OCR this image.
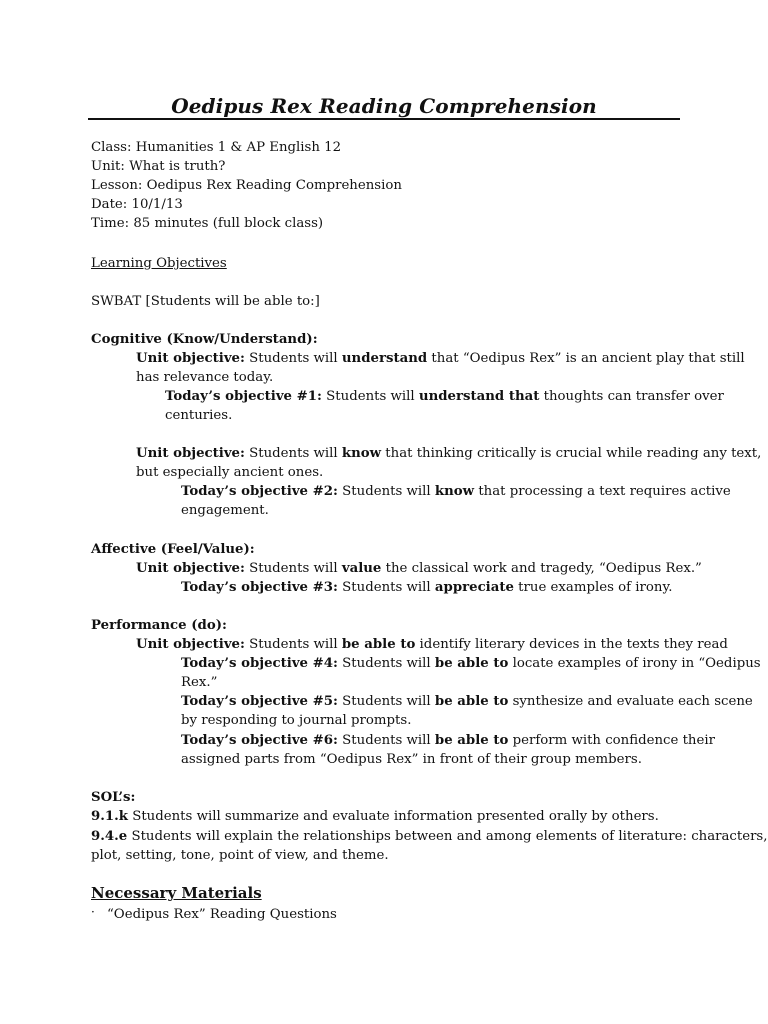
Oedipus Rex Reading Comprehension
Class: Humanities 1 & AP English 12
Unit: What is truth?
Lesson: Oedipus Rex Reading Comprehension
Date: 10/1/13
Time: 85 minutes (full block class)
Learning Objectives
SWBAT [Students will be able to:]
Cognitive (Know/Understand):
Unit objective: Students will understand that “Oedipus Rex” is an ancient play that still
has relevance today.
Today’s objective #1: Students will understand that thoughts can transfer over
centuries.
Unit objective: Students will know that thinking critically is crucial while reading any text,
but especially ancient ones.
Today’s objective #2: Students will know that processing a text requires active
engagement.
Affective (Feel/Value):
Unit objective: Students will value the classical work and tragedy, “Oedipus Rex.”
Today’s objective #3: Students will appreciate true examples of irony.
Performance (do):
Unit objective: Students will be able to identify literary devices in the texts they read
Today’s objective #4: Students will be able to locate examples of irony in “Oedipus
Rex.”
Today’s objective #5: Students will be able to synthesize and evaluate each scene
by responding to journal prompts.
Today’s objective #6: Students will be able to perform with confidence their
assigned parts from “Oedipus Rex” in front of their group members.
SOL’s:
9.1.k Students will summarize and evaluate information presented orally by others.
9.4.e Students will explain the relationships between and among elements of literature: characters,
plot, setting, tone, point of view, and theme.
Necessary Materials
· “Oedipus Rex” Reading Questions
